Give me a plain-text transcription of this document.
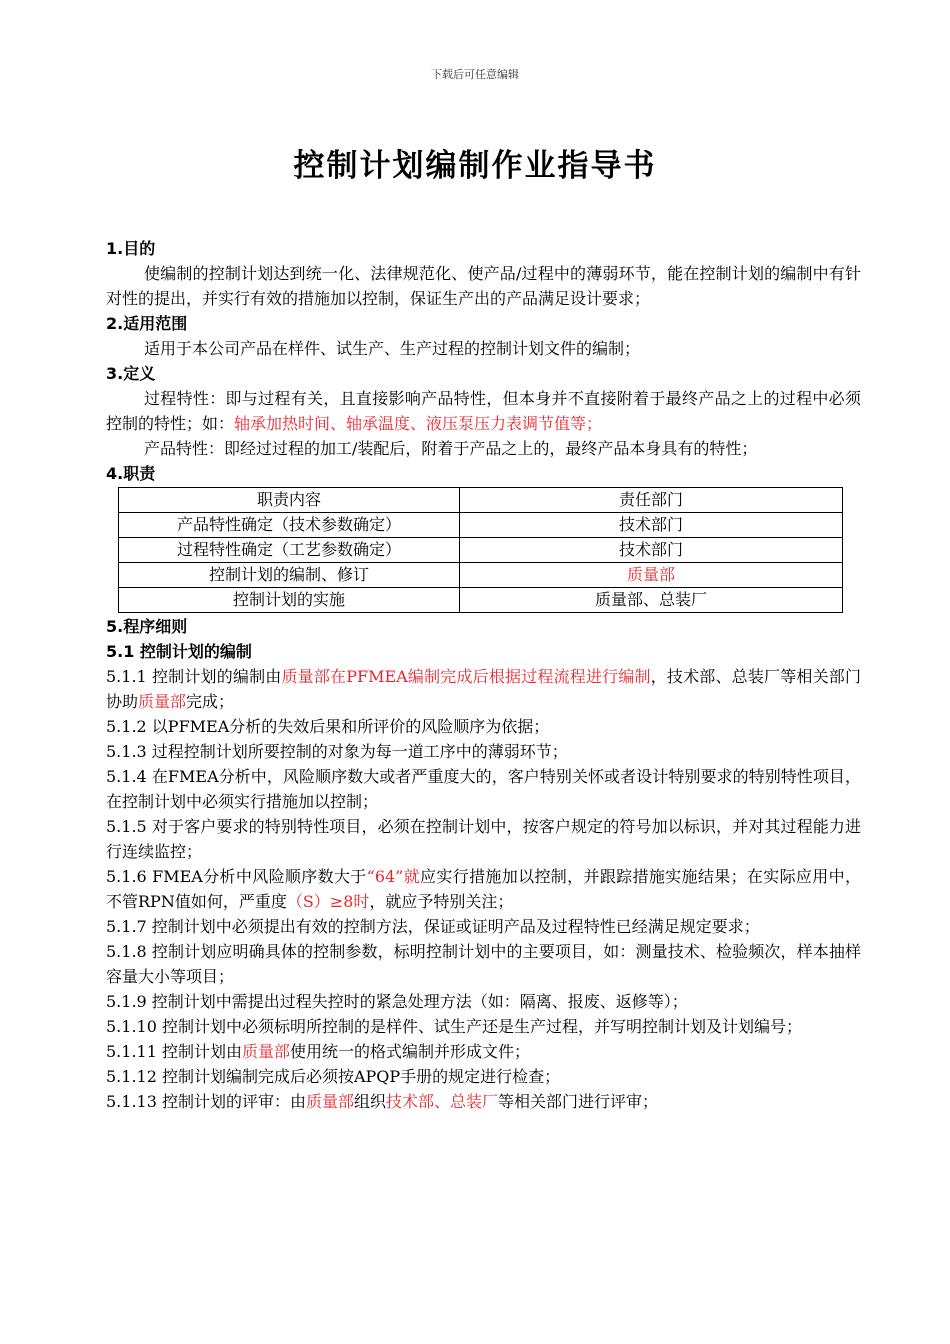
下载后可任意编辑
控制计划编制作业指导书

1.目的

使编制的控制计划达到统一化、法律规范化、使产品/过程中的薄弱环节，能在控制计划的编制中有针对性的提出，并实行有效的措施加以控制，保证生产出的产品满足设计要求；

2.适用范围

适用于本公司产品在样件、试生产、生产过程的控制计划文件的编制；

3.定义

过程特性：即与过程有关，且直接影响产品特性，但本身并不直接附着于最终产品之上的过程中必须控制的特性；如：轴承加热时间、轴承温度、液压泵压力表调节值等；

产品特性：即经过过程的加工/装配后，附着于产品之上的，最终产品本身具有的特性；

4.职责

职责内容	责任部门
产品特性确定（技术参数确定）	技术部门
过程特性确定（工艺参数确定）	技术部门
控制计划的编制、修订	质量部
控制计划的实施	质量部、总装厂

5.程序细则

5.1 控制计划的编制

5.1.1 控制计划的编制由质量部在PFMEA编制完成后根据过程流程进行编制，技术部、总装厂等相关部门协助质量部完成；

5.1.2 以PFMEA分析的失效后果和所评价的风险顺序为依据；

5.1.3 过程控制计划所要控制的对象为每一道工序中的薄弱环节；

5.1.4 在FMEA分析中，风险顺序数大或者严重度大的，客户特别关怀或者设计特别要求的特别特性项目，在控制计划中必须实行措施加以控制；

5.1.5 对于客户要求的特别特性项目，必须在控制计划中，按客户规定的符号加以标识，并对其过程能力进行连续监控；

5.1.6 FMEA分析中风险顺序数大于“64”就应实行措施加以控制，并跟踪措施实施结果；在实际应用中，不管RPN值如何，严重度（S）≥8时，就应予特别关注；

5.1.7 控制计划中必须提出有效的控制方法，保证或证明产品及过程特性已经满足规定要求；

5.1.8 控制计划应明确具体的控制参数，标明控制计划中的主要项目，如：测量技术、检验频次，样本抽样容量大小等项目；

5.1.9 控制计划中需提出过程失控时的紧急处理方法（如：隔离、报废、返修等）；

5.1.10 控制计划中必须标明所控制的是样件、试生产还是生产过程，并写明控制计划及计划编号；

5.1.11 控制计划由质量部使用统一的格式编制并形成文件；

5.1.12 控制计划编制完成后必须按APQP手册的规定进行检查；

5.1.13 控制计划的评审：由质量部组织技术部、总装厂等相关部门进行评审；
